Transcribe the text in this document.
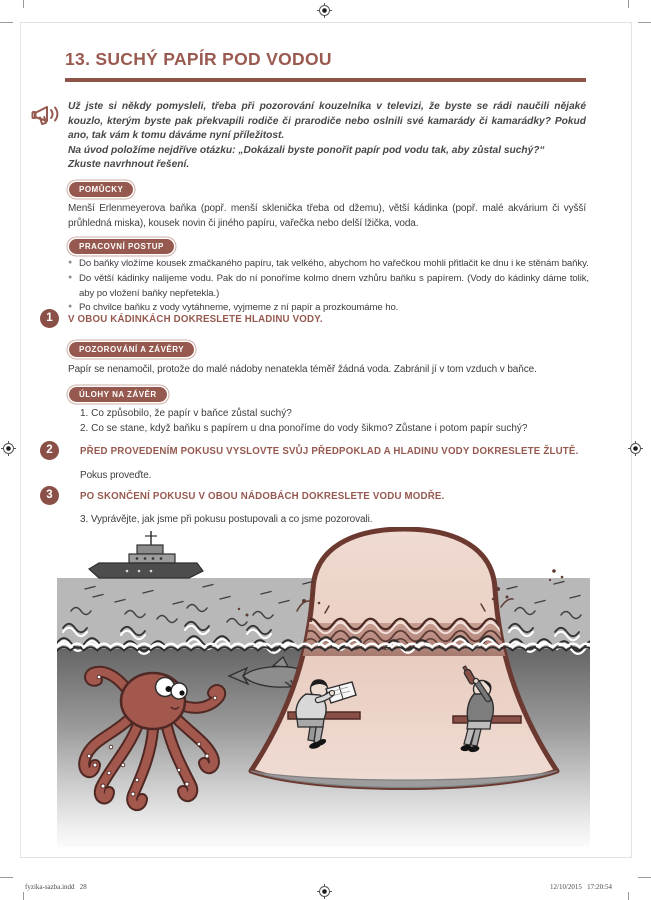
13. SUCHÝ PAPÍR POD VODOU

Už jste si někdy pomysleli, třeba při pozorování kouzelníka v televizi, že byste se rádi naučili nějaké kouzlo, kterým byste pak překvapili rodiče či prarodiče nebo oslnili své kamarády či kamarádky? Pokud ano, tak vám k tomu dáváme nyní příležitost.

Na úvod položíme nejdříve otázku: „Dokázali byste ponořit papír pod vodu tak, aby zůstal suchý?“

Zkuste navrhnout řešení.

POMŮCKY
Menší Erlenmeyerova baňka (popř. menší sklenička třeba od džemu), větší kádinka (popř. malé akvárium či vyšší průhledná miska), kousek novin či jiného papíru, vařečka nebo delší lžička, voda.
PRACOVNÍ POSTUP
● Do baňky vložíme kousek zmačkaného papíru, tak velkého, abychom ho vařečkou mohli přitlačit ke dnu i ke stěnám baňky.
● Do větší kádinky nalijeme vodu. Pak do ní ponoříme kolmo dnem vzhůru baňku s papírem. (Vody do kádinky dáme tolik, aby po vložení baňky nepřetekla.)
● Po chvilce baňku z vody vytáhneme, vyjmeme z ní papír a prozkoumáme ho.
1	V OBOU KÁDINKÁCH DOKRESLETE HLADINU VODY.
POZOROVÁNÍ A ZÁVĚRY
Papír se nenamočil, protože do malé nádoby nenatekla téměř žádná voda. Zabránil jí v tom vzduch v baňce.
ÚLOHY NA ZÁVĚR
1. Co způsobilo, že papír v baňce zůstal suchý?
2. Co se stane, když baňku s papírem u dna ponoříme do vody šikmo? Zůstane i potom papír suchý?
2	PŘED PROVEDENÍM POKUSU VYSLOVTE SVŮJ PŘEDPOKLAD A HLADINU VODY DOKRESLETE ŽLUTĚ.
Pokus proveďte.
3	PO SKONČENÍ POKUSU V OBOU NÁDOBÁCH DOKRESLETE VODU MODŘE.
3. Vyprávějte, jak jsme při pokusu postupovali a co jsme pozorovali.
fyzika-sazba.indd   28	12/10/2015   17:20:54
